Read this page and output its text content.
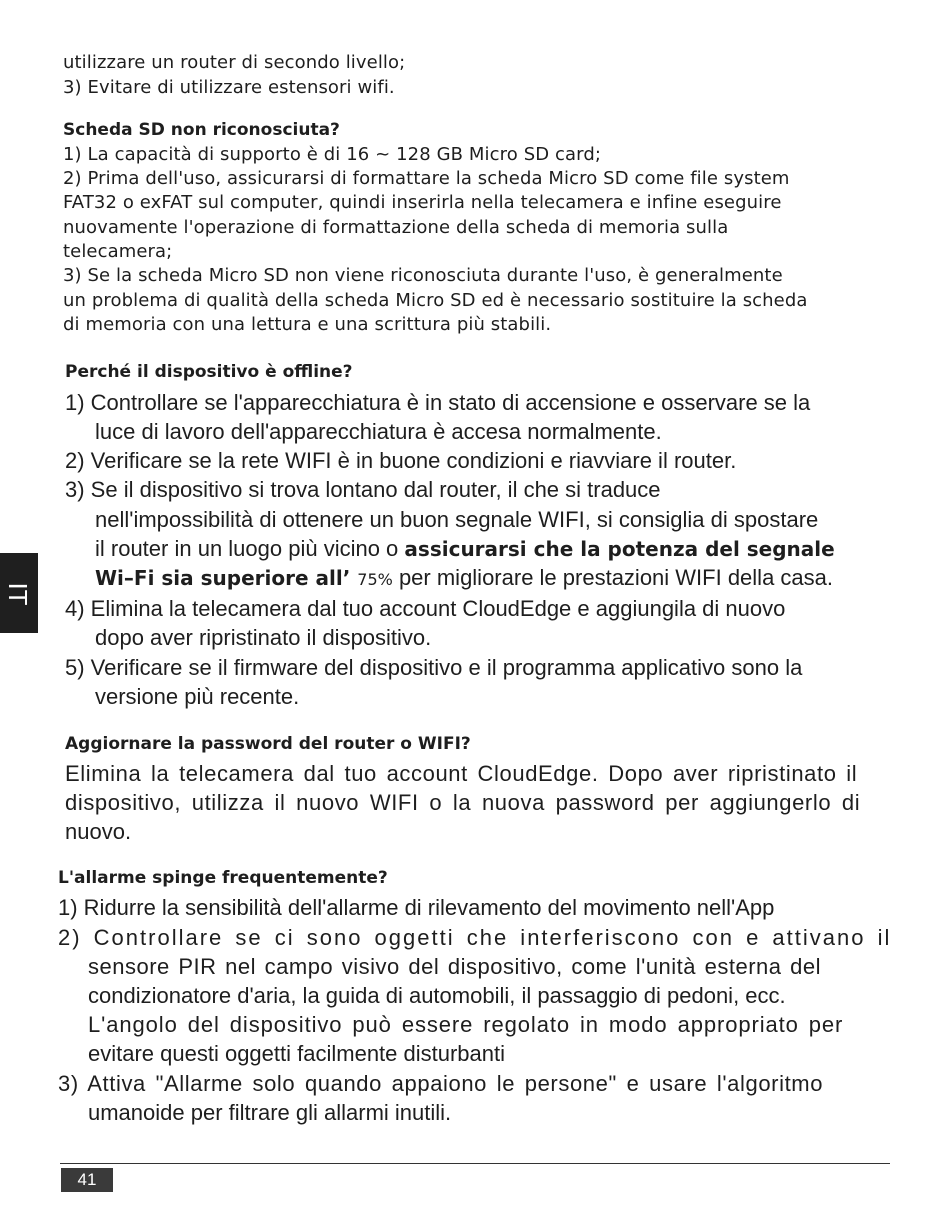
IT
utilizzare un router di secondo livello;
3) Evitare di utilizzare estensori wifi.
Scheda SD non riconosciuta?
1) La capacità di supporto è di 16 ~ 128 GB Micro SD card;
2) Prima dell'uso, assicurarsi di formattare la scheda Micro SD come file system
FAT32 o exFAT sul computer, quindi inserirla nella telecamera e infine eseguire
nuovamente l'operazione di formattazione della scheda di memoria sulla
telecamera;
3) Se la scheda Micro SD non viene riconosciuta durante l'uso, è generalmente
un problema di qualità della scheda Micro SD ed è necessario sostituire la scheda
di memoria con una lettura e una scrittura più stabili.
Perché il dispositivo è offline?
1) Controllare se l'apparecchiatura è in stato di accensione e osservare se la
luce di lavoro dell'apparecchiatura è accesa normalmente.
2) Verificare se la rete WIFI è in buone condizioni e riavviare il router.
3) Se il dispositivo si trova lontano dal router, il che si traduce
nell'impossibilità di ottenere un buon segnale WIFI, si consiglia di spostare
il router in un luogo più vicino o assicurarsi che la potenza del segnale
Wi–Fi sia superiore all’ 75% per migliorare le prestazioni WIFI della casa.
4) Elimina la telecamera dal tuo account CloudEdge e aggiungila di nuovo
dopo aver ripristinato il dispositivo.
5) Verificare se il firmware del dispositivo e il programma applicativo sono la
versione più recente.
Aggiornare la password del router o WIFI?
Elimina la telecamera dal tuo account CloudEdge. Dopo aver ripristinato il
dispositivo, utilizza il nuovo WIFI o la nuova password per aggiungerlo di
nuovo.
L'allarme spinge frequentemente?
1) Ridurre la sensibilità dell'allarme di rilevamento del movimento nell'App
2) Controllare se ci sono oggetti che interferiscono con e attivano il
sensore PIR nel campo visivo del dispositivo, come l'unità esterna del
condizionatore d'aria, la guida di automobili, il passaggio di pedoni, ecc.
L'angolo del dispositivo può essere regolato in modo appropriato per
evitare questi oggetti facilmente disturbanti
3) Attiva "Allarme solo quando appaiono le persone" e usare l'algoritmo
umanoide per filtrare gli allarmi inutili.
41
